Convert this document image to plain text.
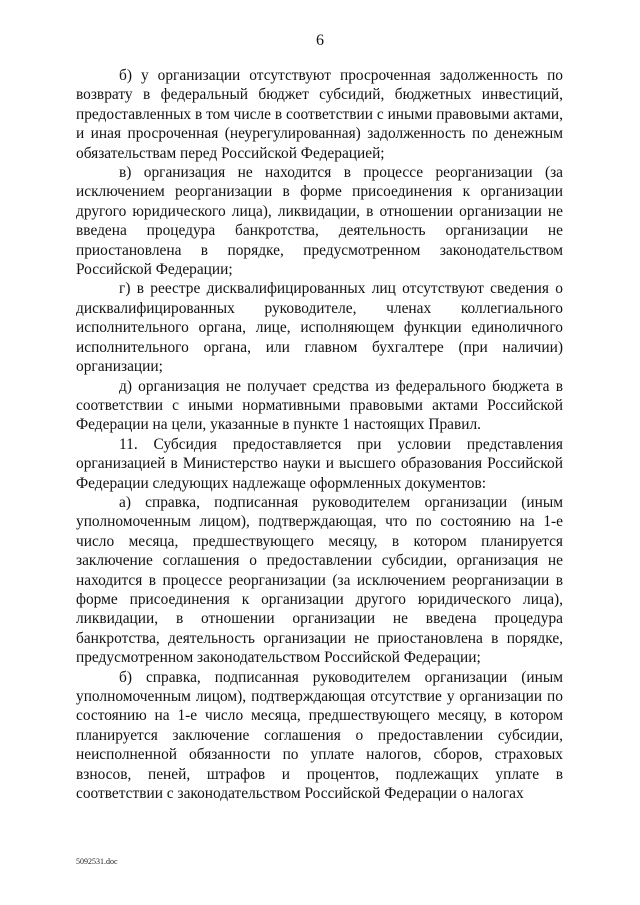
6

б) у организации отсутствуют просроченная задолженность по возврату в федеральный бюджет субсидий, бюджетных инвестиций, предоставленных в том числе в соответствии с иными правовыми актами, и иная просроченная (неурегулированная) задолженность по денежным обязательствам перед Российской Федерацией;

в) организация не находится в процессе реорганизации (за исключением реорганизации в форме присоединения к организации другого юридического лица), ликвидации, в отношении организации не введена процедура банкротства, деятельность организации не приостановлена в порядке, предусмотренном законодательством Российской Федерации;

г) в реестре дисквалифицированных лиц отсутствуют сведения о дисквалифицированных руководителе, членах коллегиального исполнительного органа, лице, исполняющем функции единоличного исполнительного органа, или главном бухгалтере (при наличии) организации;

д) организация не получает средства из федерального бюджета в соответствии с иными нормативными правовыми актами Российской Федерации на цели, указанные в пункте 1 настоящих Правил.

11. Субсидия предоставляется при условии представления организацией в Министерство науки и высшего образования Российской Федерации следующих надлежаще оформленных документов:

а) справка, подписанная руководителем организации (иным уполномоченным лицом), подтверждающая, что по состоянию на 1-е число месяца, предшествующего месяцу, в котором планируется заключение соглашения о предоставлении субсидии, организация не находится в процессе реорганизации (за исключением реорганизации в форме присоединения к организации другого юридического лица), ликвидации, в отношении организации не введена процедура банкротства, деятельность организации не приостановлена в порядке, предусмотренном законодательством Российской Федерации;

б) справка, подписанная руководителем организации (иным уполномоченным лицом), подтверждающая отсутствие у организации по состоянию на 1-е число месяца, предшествующего месяцу, в котором планируется заключение соглашения о предоставлении субсидии, неисполненной обязанности по уплате налогов, сборов, страховых взносов, пеней, штрафов и процентов, подлежащих уплате в соответствии с законодательством Российской Федерации о налогах

5092531.doc
